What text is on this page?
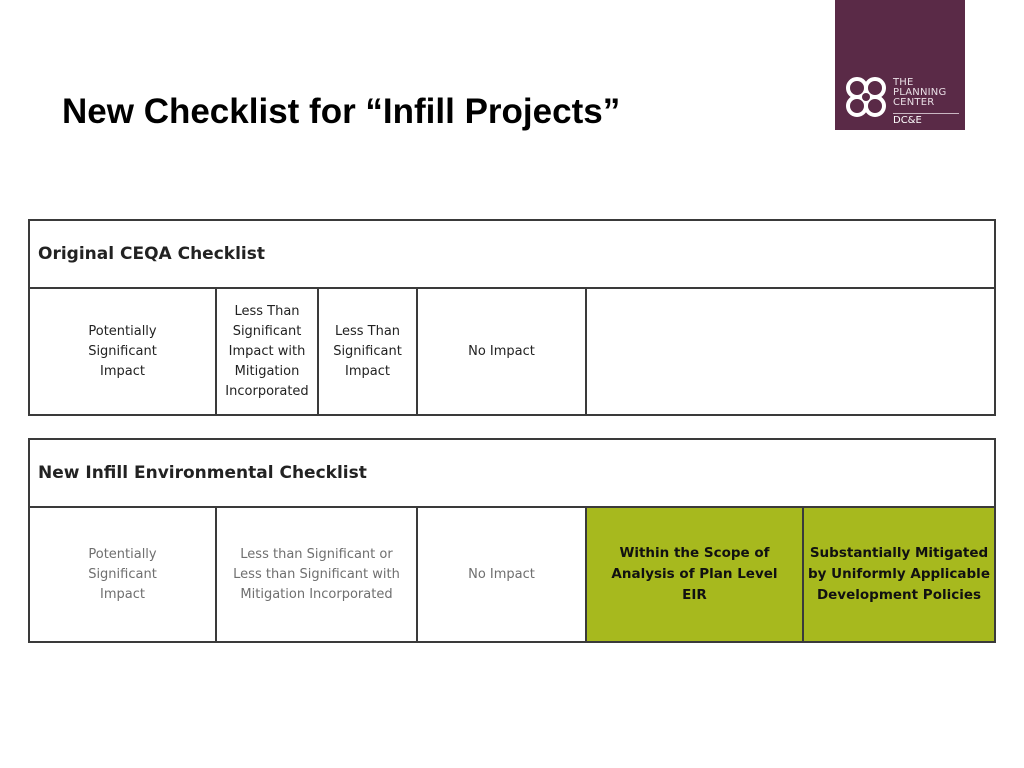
New Checklist for “Infill Projects”
THE
PLANNING
CENTER
DC&E
Original CEQA Checklist
Potentially
Significant
Impact
Less Than
Significant
Impact with
Mitigation
Incorporated
Less Than
Significant
Impact
No Impact
New Infill Environmental Checklist
Potentially
Significant
Impact
Less than Significant or
Less than Significant with
Mitigation Incorporated
No Impact
Within the Scope of
Analysis of Plan Level
EIR
Substantially Mitigated
by Uniformly Applicable
Development Policies
